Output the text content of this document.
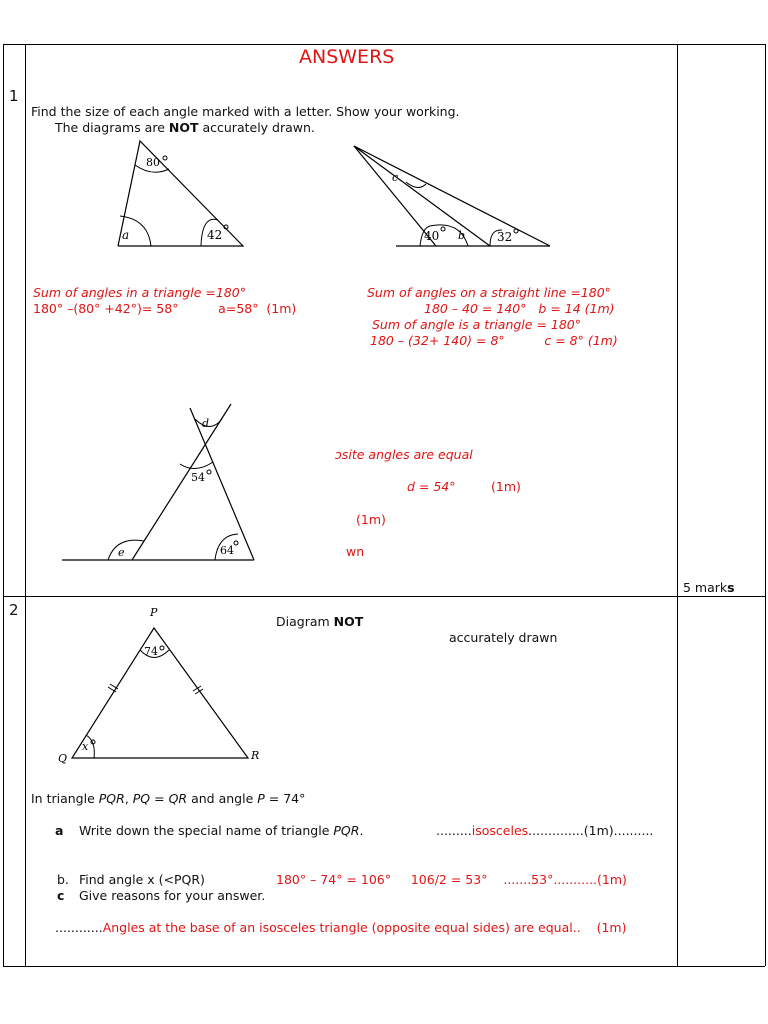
ANSWERS
1
Find the size of each angle marked with a letter. Show your working.
The diagrams are NOT accurately drawn.
80
a	42
c
40 b	32
Sum of angles in a triangle =180°
180° –(80° +42°)= 58°          a=58°  (1m)
Sum of angles on a straight line =180°
180 – 40 = 140°   b = 14 (1m)
Sum of angle is a triangle = 180°
180 – (32+ 140) = 8°          c = 8° (1m)
d
54
e	64
ɔsite angles are equal
d = 54°	(1m)
(1m)
wn
5 marks
2	P
Q	R
74
x
Diagram NOT
accurately drawn
In triangle PQR, PQ = QR and angle P = 74°
a Write down the special name of triangle PQR.	.........isosceles..............(1m)..........
b. Find angle x (<PQR)	180° – 74° = 106°     106/2 = 53°    .......53°...........(1m)
c Give reasons for your answer.
............Angles at the base of an isosceles triangle (opposite equal sides) are equal..    (1m)
